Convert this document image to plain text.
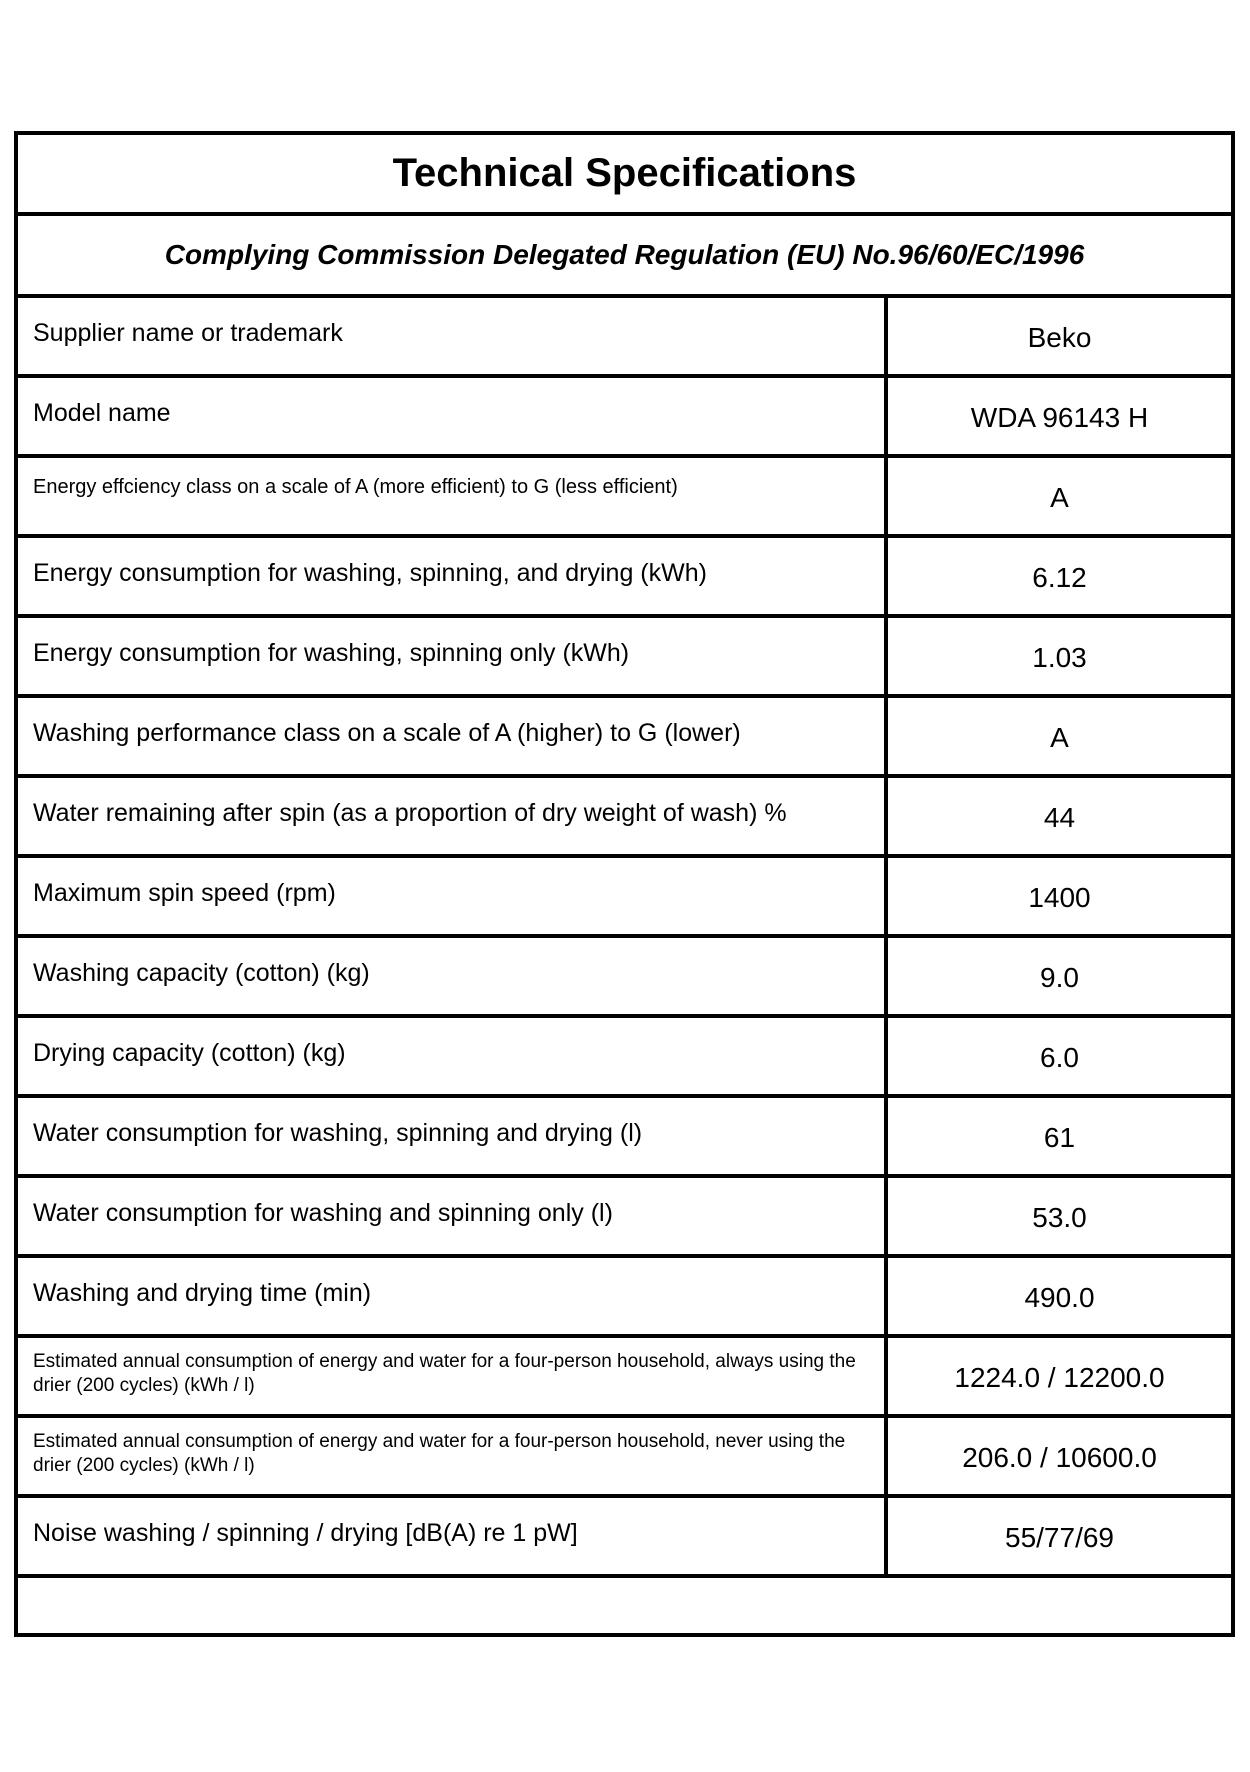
Technical Specifications
Complying Commission Delegated Regulation (EU) No.96/60/EC/1996
Supplier name or trademark	Beko
Model name	WDA 96143 H
Energy effciency class on a scale of A (more efficient) to G (less efficient)	A
Energy consumption for washing, spinning, and drying (kWh)	6.12
Energy consumption for washing, spinning only (kWh)	1.03
Washing performance class on a scale of A (higher) to G (lower)	A
Water remaining after spin (as a proportion of dry weight of wash) %	44
Maximum spin speed (rpm)	1400
Washing capacity (cotton) (kg)	9.0
Drying capacity (cotton) (kg)	6.0
Water consumption for washing, spinning and drying (l)	61
Water consumption for washing and spinning only (l)	53.0
Washing and drying time (min)	490.0
Estimated annual consumption of energy and water for a four-person household, always using the drier (200 cycles) (kWh / l)	1224.0 / 12200.0
Estimated annual consumption of energy and water for a four-person household, never using the drier (200 cycles) (kWh / l)	206.0 / 10600.0
Noise washing / spinning / drying [dB(A) re 1 pW]	55/77/69
